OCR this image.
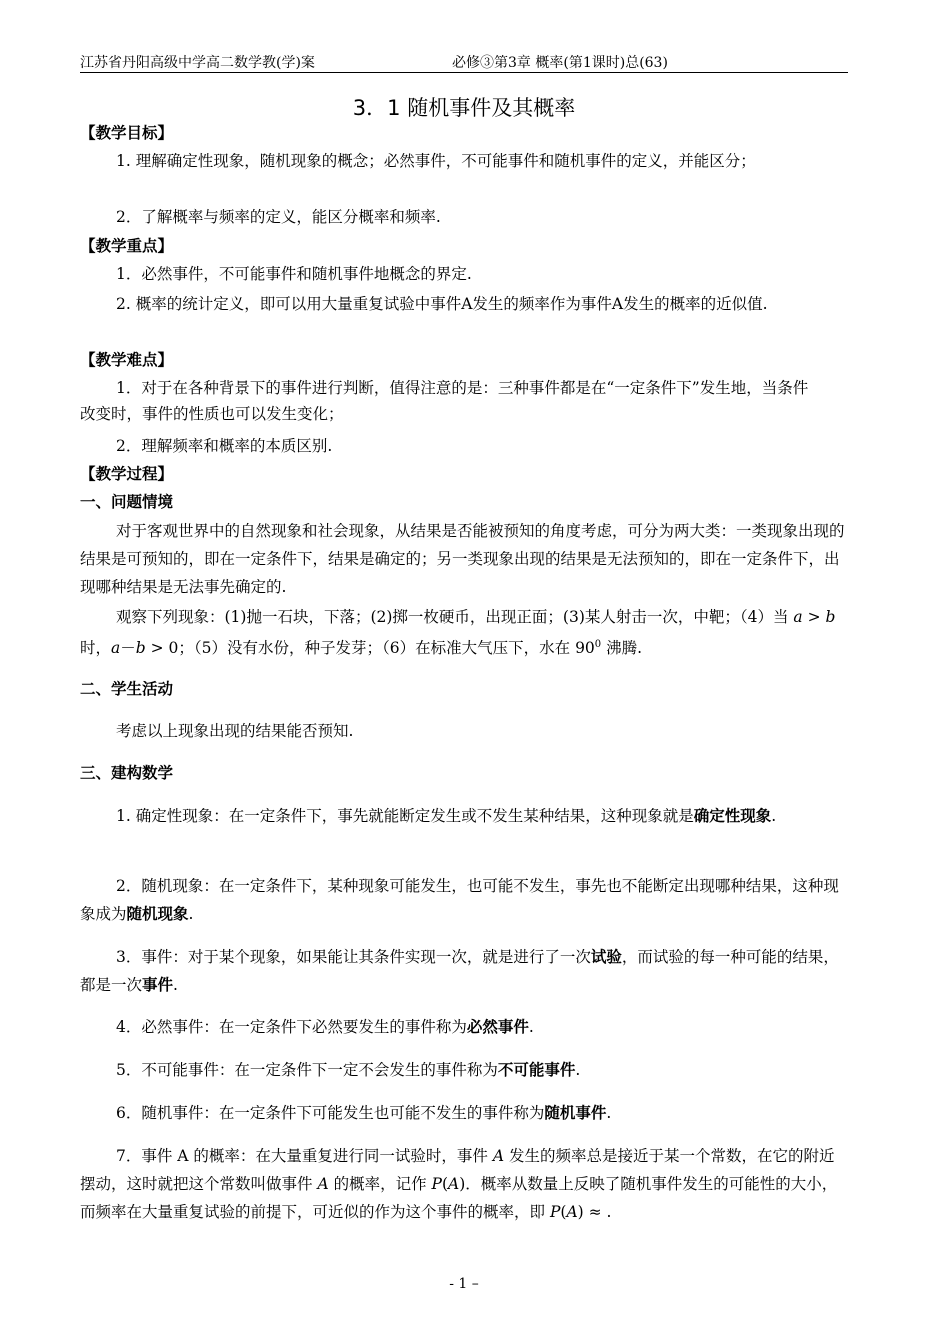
江苏省丹阳高级中学高二数学教(学)案	必修③第3章 概率(第1课时)总(63)
3．1 随机事件及其概率
【教学目标】
1. 理解确定性现象，随机现象的概念；必然事件，不可能事件和随机事件的定义，并能区分；
2．了解概率与频率的定义，能区分概率和频率.
【教学重点】
1．必然事件，不可能事件和随机事件地概念的界定.
2. 概率的统计定义，即可以用大量重复试验中事件A发生的频率作为事件A发生的概率的近似值.
【教学难点】
1．对于在各种背景下的事件进行判断，值得注意的是：三种事件都是在“一定条件下”发生地，当条件改变时，事件的性质也可以发生变化；
2．理解频率和概率的本质区别.
【教学过程】
一、问题情境
对于客观世界中的自然现象和社会现象，从结果是否能被预知的角度考虑，可分为两大类：一类现象出现的结果是可预知的，即在一定条件下，结果是确定的；另一类现象出现的结果是无法预知的，即在一定条件下，出现哪种结果是无法事先确定的.
观察下列现象：(1)抛一石块，下落；(2)掷一枚硬币，出现正面；(3)某人射击一次，中靶；（4）当 a > b 时，a－b > 0；（5）没有水份，种子发芽；（6）在标准大气压下，水在 $90^0$ 沸腾.
二、学生活动
考虑以上现象出现的结果能否预知.
三、建构数学
1. 确定性现象：在一定条件下，事先就能断定发生或不发生某种结果，这种现象就是确定性现象.
2．随机现象：在一定条件下，某种现象可能发生，也可能不发生，事先也不能断定出现哪种结果，这种现象成为随机现象.
3．事件：对于某个现象，如果能让其条件实现一次，就是进行了一次试验，而试验的每一种可能的结果，都是一次事件.
4．必然事件：在一定条件下必然要发生的事件称为必然事件.
5．不可能事件：在一定条件下一定不会发生的事件称为不可能事件.
6．随机事件：在一定条件下可能发生也可能不发生的事件称为随机事件.
7．事件 A 的概率：在大量重复进行同一试验时，事件 A 发生的频率总是接近于某一个常数，在它的附近摆动，这时就把这个常数叫做事件 A 的概率，记作 P(A)．概率从数量上反映了随机事件发生的可能性的大小，而频率在大量重复试验的前提下，可近似的作为这个事件的概率，即 P(A) ≈ .
- 1 –
